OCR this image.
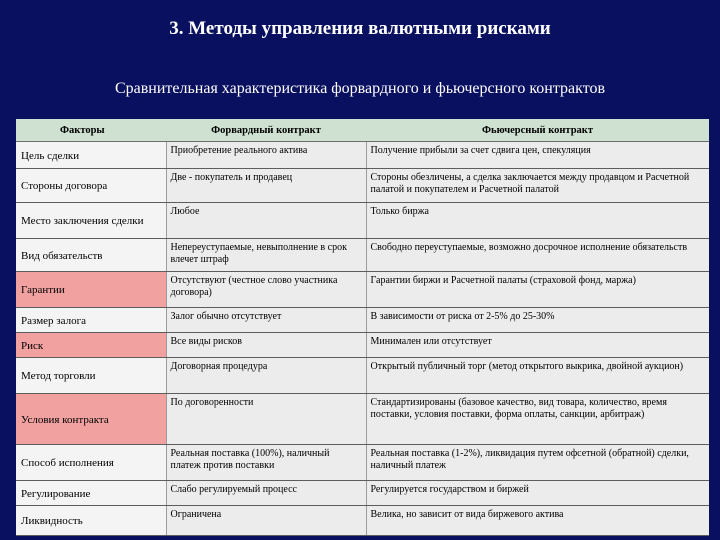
3. Методы управления валютными рисками
Сравнительная характеристика форвардного и фьючерсного контрактов
Факторы	Форвардный контракт	Фьючерсный контракт
Цель сделки	Приобретение реального актива	Получение прибыли за счет сдвига цен, спекуляция
Стороны договора	Две - покупатель и продавец	Стороны обезличены, а сделка заключается между продавцом и Расчетной палатой и покупателем и Расчетной палатой
Место заключения сделки	Любое	Только биржа
Вид обязательств	Непереуступаемые, невыполнение в срок влечет штраф	Свободно переуступаемые, возможно досрочное исполнение обязательств
Гарантии	Отсутствуют (честное слово участника договора)	Гарантии биржи и Расчетной палаты (страховой фонд, маржа)
Размер залога	Залог обычно отсутствует	В зависимости от риска от 2-5% до 25-30%
Риск	Все виды рисков	Минимален или отсутствует
Метод торговли	Договорная процедура	Открытый публичный торг (метод открытого выкрика, двойной аукцион)
Условия контракта	По договоренности	Стандартизированы (базовое качество, вид товара, количество, время поставки, условия поставки, форма оплаты, санкции, арбитраж)
Способ исполнения	Реальная поставка (100%), наличный платеж против поставки	Реальная поставка (1-2%), ликвидация путем офсетной (обратной) сделки, наличный платеж
Регулирование	Слабо регулируемый процесс	Регулируется государством и биржей
Ликвидность	Ограничена	Велика, но зависит от вида биржевого актива
